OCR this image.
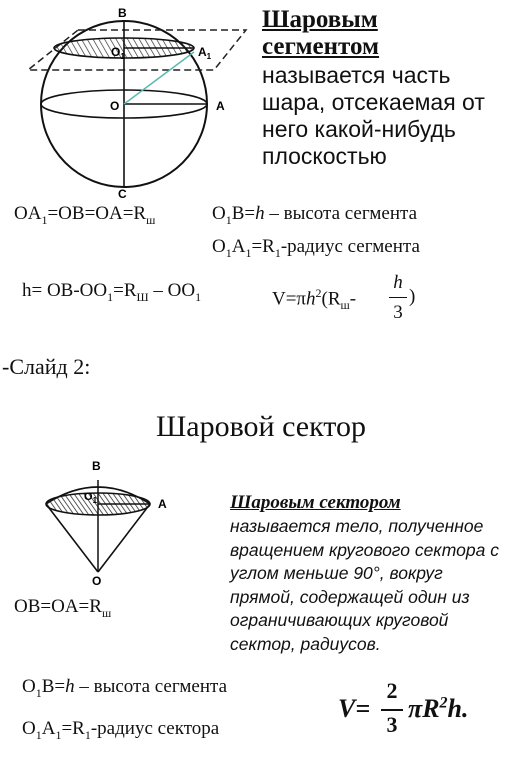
B
$O_1$	$A_1$
O	A
C
Шаровым
сегментом
называется часть
шара, отсекаемая от
него какой-нибудь
плоскостью
$OA_1=OB=OA=R_ш$	$O_1B=h$ – высота сегмента
$O_1A_1=R_1$-радиус сегмента
$h= OB-OO_1=R_Ш - OO_1$	$V=\pi h^2(R_ш-$
h
3
)
-Слайд 2:
Шаровой сектор
B
$O_1$	A
O
Шаровым сектором
называется тело, полученное
вращением кругового сектора с
углом меньше 90°, вокруг
прямой, содержащей один из
ограничивающих круговой
сектор, радиусов.
$OB=OA=R_ш$
$O_1B=h$ – высота сегмента
$O_1A_1=R_1$-радиус сектора
V=
2
3
$\pi R^2h$.
